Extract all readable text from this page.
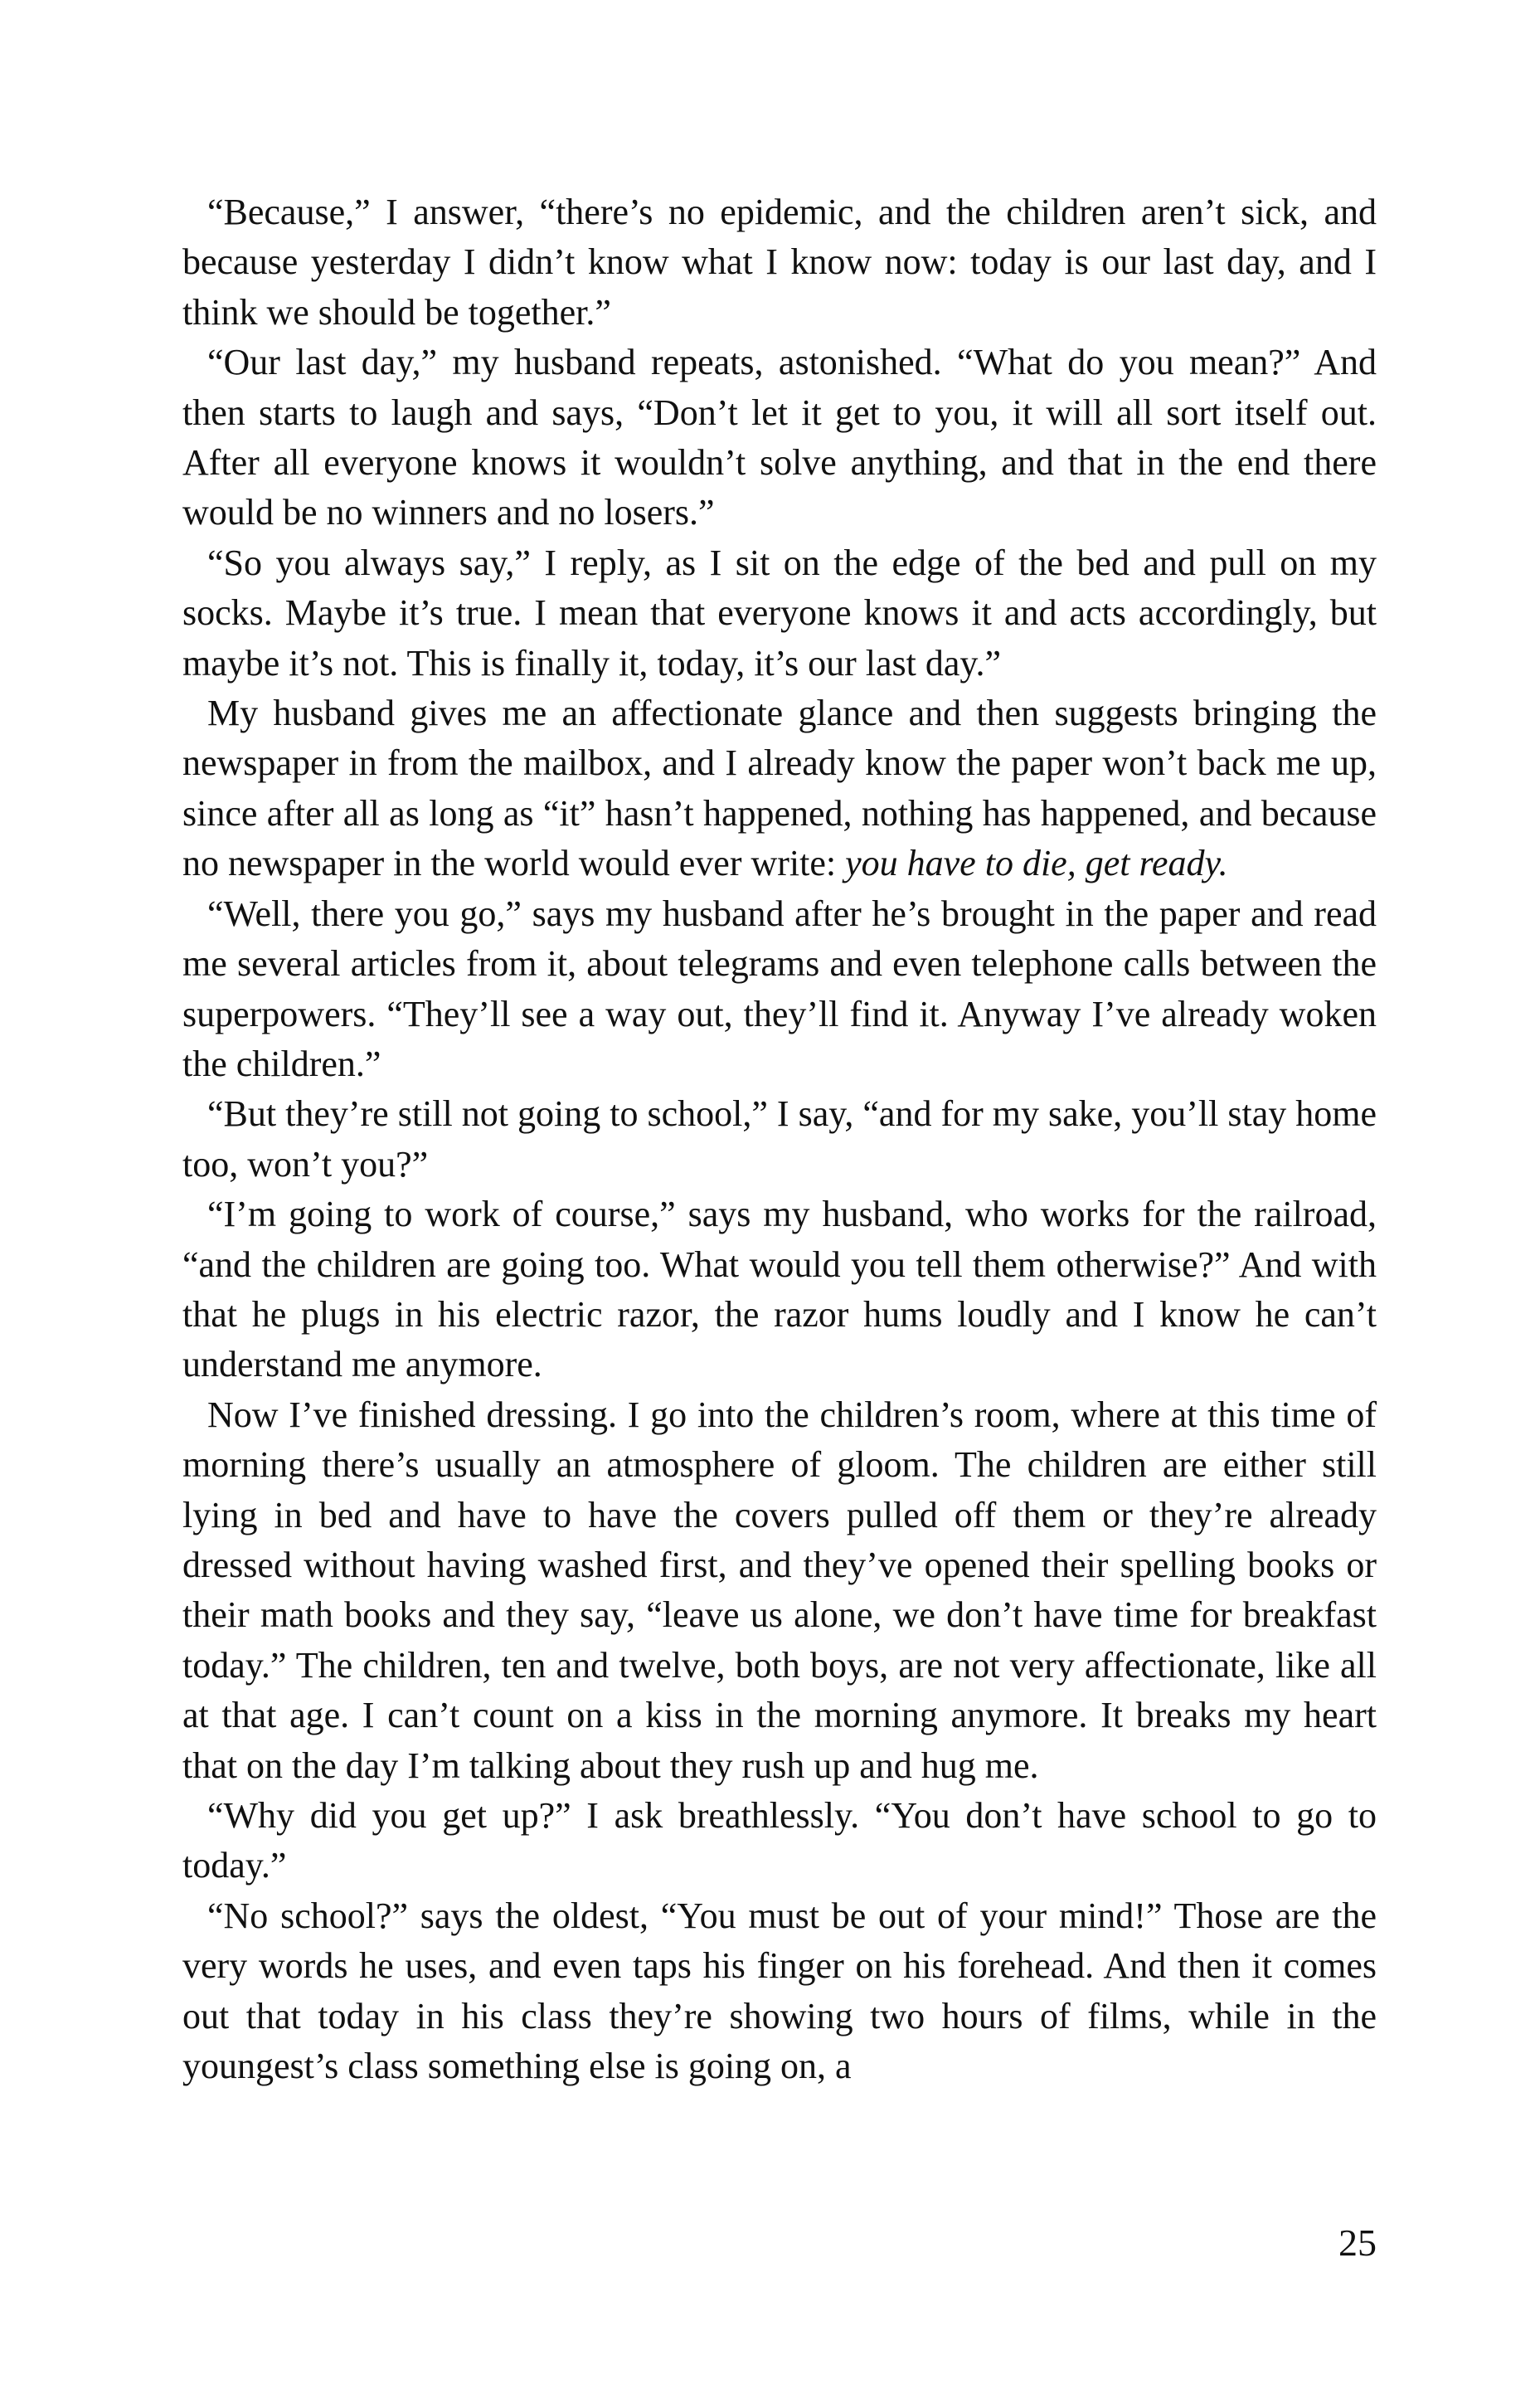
“Because,” I answer, “there’s no epidemic, and the children aren’t sick, and because yesterday I didn’t know what I know now: today is our last day, and I think we should be together.”

“Our last day,” my husband repeats, astonished. “What do you mean?” And then starts to laugh and says, “Don’t let it get to you, it will all sort itself out. After all everyone knows it wouldn’t solve anything, and that in the end there would be no winners and no losers.”

“So you always say,” I reply, as I sit on the edge of the bed and pull on my socks. Maybe it’s true. I mean that everyone knows it and acts accordingly, but maybe it’s not. This is finally it, today, it’s our last day.”

My husband gives me an affectionate glance and then suggests bringing the newspaper in from the mailbox, and I already know the paper won’t back me up, since after all as long as “it” hasn’t happened, nothing has happened, and because no newspaper in the world would ever write: you have to die, get ready.

“Well, there you go,” says my husband after he’s brought in the paper and read me several articles from it, about telegrams and even telephone calls between the superpowers. “They’ll see a way out, they’ll find it. Anyway I’ve already woken the children.”

“But they’re still not going to school,” I say, “and for my sake, you’ll stay home too, won’t you?”

“I’m going to work of course,” says my husband, who works for the railroad, “and the children are going too. What would you tell them otherwise?” And with that he plugs in his electric razor, the razor hums loudly and I know he can’t understand me anymore.

Now I’ve finished dressing. I go into the children’s room, where at this time of morning there’s usually an atmosphere of gloom. The children are either still lying in bed and have to have the covers pulled off them or they’re already dressed without having washed first, and they’ve opened their spelling books or their math books and they say, “leave us alone, we don’t have time for breakfast today.” The children, ten and twelve, both boys, are not very affectionate, like all at that age. I can’t count on a kiss in the morning anymore. It breaks my heart that on the day I’m talking about they rush up and hug me.

“Why did you get up?” I ask breathlessly. “You don’t have school to go to today.”

“No school?” says the oldest, “You must be out of your mind!” Those are the very words he uses, and even taps his finger on his forehead. And then it comes out that today in his class they’re showing two hours of films, while in the youngest’s class something else is going on, a

25
